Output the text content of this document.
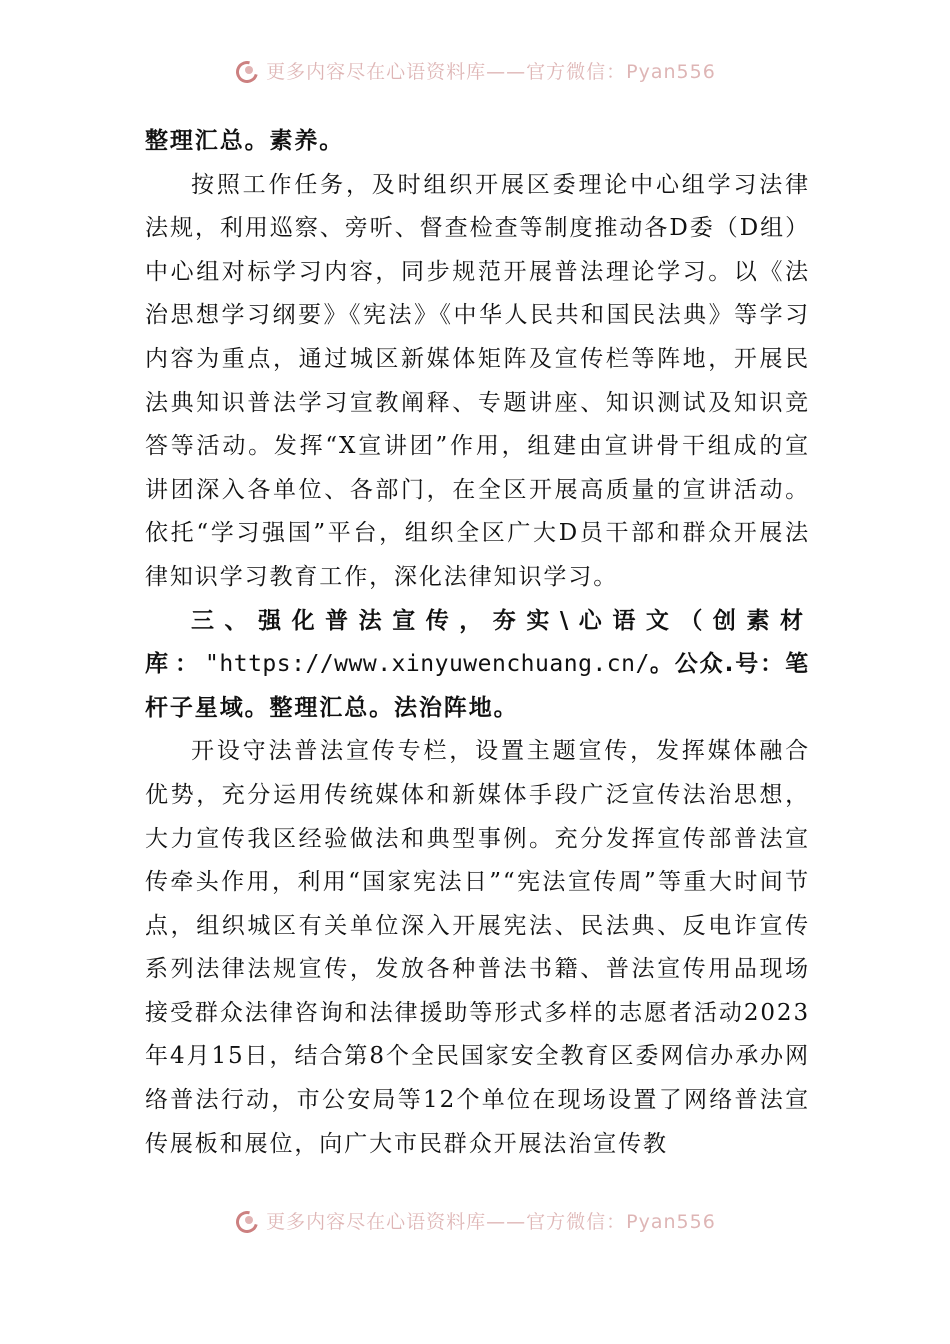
更多内容尽在心语资料库——官方微信：Pyan556

整理汇总。素养。

按照工作任务，及时组织开展区委理论中心组学习法律法规，利用巡察、旁听、督查检查等制度推动各D委（D组）中心组对标学习内容，同步规范开展普法理论学习。以《法治思想学习纲要》《宪法》《中华人民共和国民法典》等学习内容为重点，通过城区新媒体矩阵及宣传栏等阵地，开展民法典知识普法学习宣教阐释、专题讲座、知识测试及知识竞答等活动。发挥“X宣讲团”作用，组建由宣讲骨干组成的宣讲团深入各单位、各部门，在全区开展高质量的宣讲活动。依托“学习强国”平台，组织全区广大D员干部和群众开展法律知识学习教育工作，深化法律知识学习。

三、强化普法宣传，夯实\心语文（创素材库："https://www.xinyuwenchuang.cn/。公众.号：笔杆子星域。整理汇总。法治阵地。

开设守法普法宣传专栏，设置主题宣传，发挥媒体融合优势，充分运用传统媒体和新媒体手段广泛宣传法治思想，大力宣传我区经验做法和典型事例。充分发挥宣传部普法宣传牵头作用，利用“国家宪法日”“宪法宣传周”等重大时间节点，组织城区有关单位深入开展宪法、民法典、反电诈宣传系列法律法规宣传，发放各种普法书籍、普法宣传用品现场接受群众法律咨询和法律援助等形式多样的志愿者活动2023年4月15日，结合第8个全民国家安全教育区委网信办承办网络普法行动，市公安局等12个单位在现场设置了网络普法宣传展板和展位，向广大市民群众开展法治宣传教

更多内容尽在心语资料库——官方微信：Pyan556
